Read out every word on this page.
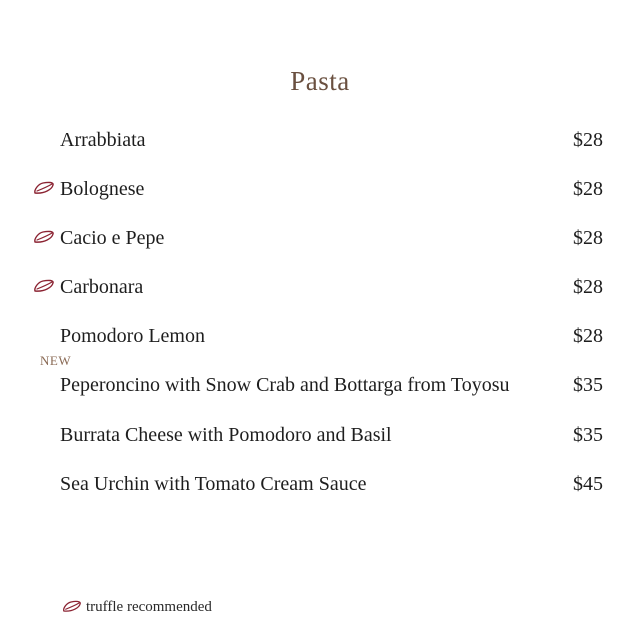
Pasta
Arrabbiata	$28
Bolognese	$28
Cacio e Pepe	$28
Carbonara	$28
Pomodoro Lemon	$28
NEW
Peperoncino with Snow Crab and Bottarga from Toyosu	$35
Burrata Cheese with Pomodoro and Basil	$35
Sea Urchin with Tomato Cream Sauce	$45
truffle recommended
